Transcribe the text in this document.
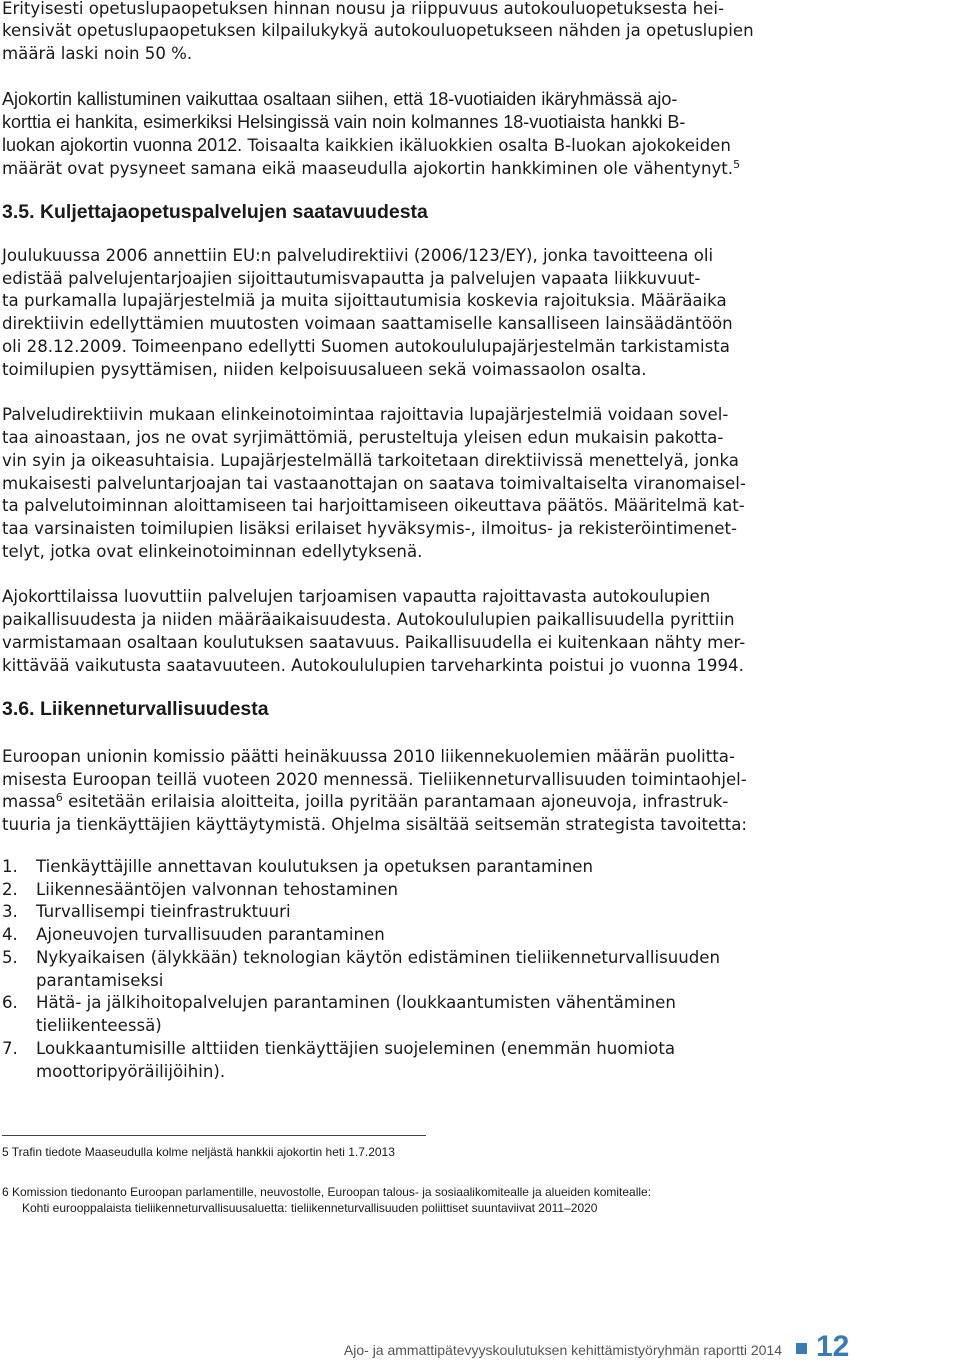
Erityisesti opetuslupaopetuksen hinnan nousu ja riippuvuus autokouluopetuksesta hei-
kensivät opetuslupaopetuksen kilpailukykyä autokouluopetukseen nähden ja opetuslupien
määrä laski noin 50 %.
Ajokortin kallistuminen vaikuttaa osaltaan siihen, että 18-vuotiaiden ikäryhmässä ajo-
korttia ei hankita, esimerkiksi Helsingissä vain noin kolmannes 18-vuotiaista hankki B-
luokan ajokortin vuonna 2012. Toisaalta kaikkien ikäluokkien osalta B-luokan ajokokeiden
määrät ovat pysyneet samana eikä maaseudulla ajokortin hankkiminen ole vähentynyt.$^5$
3.5. Kuljettajaopetuspalvelujen saatavuudesta
Joulukuussa 2006 annettiin EU:n palveludirektiivi (2006/123/EY), jonka tavoitteena oli
edistää palvelujentarjoajien sijoittautumisvapautta ja palvelujen vapaata liikkuvuut-
ta purkamalla lupajärjestelmiä ja muita sijoittautumisia koskevia rajoituksia. Määräaika
direktiivin edellyttämien muutosten voimaan saattamiselle kansalliseen lainsäädäntöön
oli 28.12.2009. Toimeenpano edellytti Suomen autokoululupajärjestelmän tarkistamista
toimilupien pysyttämisen, niiden kelpoisuusalueen sekä voimassaolon osalta.
Palveludirektiivin mukaan elinkeinotoimintaa rajoittavia lupajärjestelmiä voidaan sovel-
taa ainoastaan, jos ne ovat syrjimättömiä, perusteltuja yleisen edun mukaisin pakotta-
vin syin ja oikeasuhtaisia. Lupajärjestelmällä tarkoitetaan direktiivissä menettelyä, jonka
mukaisesti palveluntarjoajan tai vastaanottajan on saatava toimivaltaiselta viranomaisel-
ta palvelutoiminnan aloittamiseen tai harjoittamiseen oikeuttava päätös. Määritelmä kat-
taa varsinaisten toimilupien lisäksi erilaiset hyväksymis-, ilmoitus- ja rekisteröintimenet-
telyt, jotka ovat elinkeinotoiminnan edellytyksenä.
Ajokorttilaissa luovuttiin palvelujen tarjoamisen vapautta rajoittavasta autokoulupien
paikallisuudesta ja niiden määräaikaisuudesta. Autokoululupien paikallisuudella pyrittiin
varmistamaan osaltaan koulutuksen saatavuus. Paikallisuudella ei kuitenkaan nähty mer-
kittävää vaikutusta saatavuuteen. Autokoululupien tarveharkinta poistui jo vuonna 1994.
3.6. Liikenneturvallisuudesta
Euroopan unionin komissio päätti heinäkuussa 2010 liikennekuolemien määrän puolitta-
misesta Euroopan teillä vuoteen 2020 mennessä. Tieliikenneturvallisuuden toimintaohjel-
massa$^6$ esitetään erilaisia aloitteita, joilla pyritään parantamaan ajoneuvoja, infrastruk-
tuuria ja tienkäyttäjien käyttäytymistä. Ohjelma sisältää seitsemän strategista tavoitetta:
1. Tienkäyttäjille annettavan koulutuksen ja opetuksen parantaminen
2. Liikennesääntöjen valvonnan tehostaminen
3. Turvallisempi tieinfrastruktuuri
4. Ajoneuvojen turvallisuuden parantaminen
5. Nykyaikaisen (älykkään) teknologian käytön edistäminen tieliikenneturvallisuuden
parantamiseksi
6. Hätä- ja jälkihoitopalvelujen parantaminen (loukkaantumisten vähentäminen
tieliikenteessä)
7. Loukkaantumisille alttiiden tienkäyttäjien suojeleminen (enemmän huomiota
moottoripyöräilijöihin).
5 Trafin tiedote Maaseudulla kolme neljästä hankkii ajokortin heti 1.7.2013
6 Komission tiedonanto Euroopan parlamentille, neuvostolle, Euroopan talous- ja sosiaalikomitealle ja alueiden komitealle:
Kohti eurooppalaista tieliikenneturvallisuusaluetta: tieliikenneturvallisuuden poliittiset suuntaviivat 2011–2020
Ajo- ja ammattipätevyyskoulutuksen kehittämistyöryhmän raportti 2014 12
